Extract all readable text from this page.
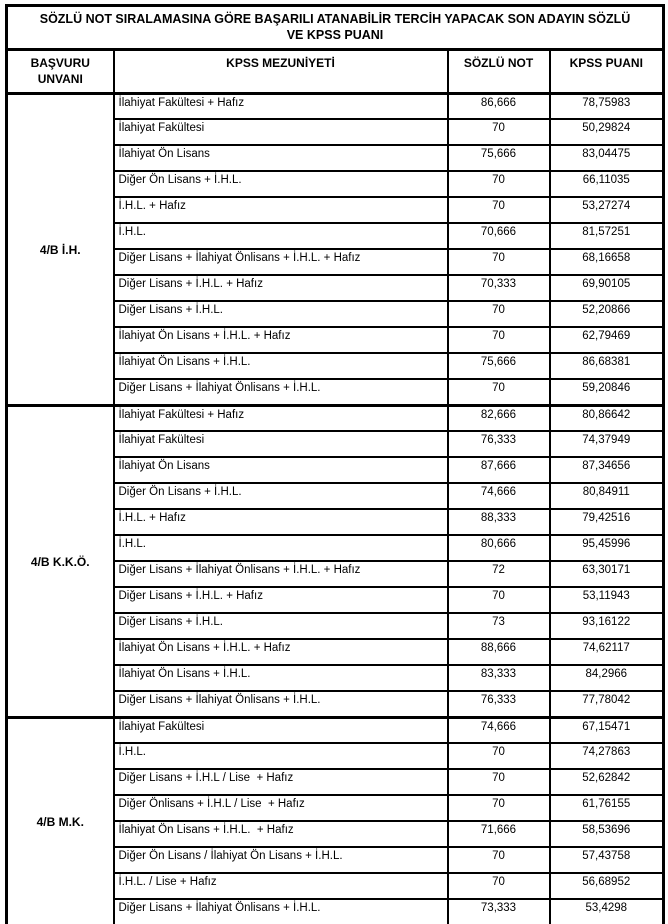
SÖZLÜ NOT SIRALAMASINA GÖRE BAŞARILI ATANABİLİR TERCİH YAPACAK SON ADAYIN SÖZLÜ VE KPSS PUANI			
BAŞVURU UNVANI	KPSS MEZUNİYETİ	SÖZLÜ NOT	KPSS PUANI
4/B İ.H.	İlahiyat Fakültesi + Hafız	86,666	78,75983
	İlahiyat Fakültesi	70	50,29824
	İlahiyat Ön Lisans	75,666	83,04475
	Diğer Ön Lisans + İ.H.L.	70	66,11035
	İ.H.L. + Hafız	70	53,27274
	İ.H.L.	70,666	81,57251
	Diğer Lisans + İlahiyat Önlisans + İ.H.L. + Hafız	70	68,16658
	Diğer Lisans + İ.H.L. + Hafız	70,333	69,90105
	Diğer Lisans + İ.H.L.	70	52,20866
	İlahiyat Ön Lisans + İ.H.L. + Hafız	70	62,79469
	İlahiyat Ön Lisans + İ.H.L.	75,666	86,68381
	Diğer Lisans + İlahiyat Önlisans + İ.H.L.	70	59,20846
4/B K.K.Ö.	İlahiyat Fakültesi + Hafız	82,666	80,86642
	İlahiyat Fakültesi	76,333	74,37949
	İlahiyat Ön Lisans	87,666	87,34656
	Diğer Ön Lisans + İ.H.L.	74,666	80,84911
	İ.H.L. + Hafız	88,333	79,42516
	İ.H.L.	80,666	95,45996
	Diğer Lisans + İlahiyat Önlisans + İ.H.L. + Hafız	72	63,30171
	Diğer Lisans + İ.H.L. + Hafız	70	53,11943
	Diğer Lisans + İ.H.L.	73	93,16122
	İlahiyat Ön Lisans + İ.H.L. + Hafız	88,666	74,62117
	İlahiyat Ön Lisans + İ.H.L.	83,333	84,2966
	Diğer Lisans + İlahiyat Önlisans + İ.H.L.	76,333	77,78042
4/B M.K.	İlahiyat Fakültesi	74,666	67,15471
	İ.H.L.	70	74,27863
	Diğer Lisans + İ.H.L / Lise  + Hafız	70	52,62842
	Diğer Önlisans + İ.H.L / Lise  + Hafız	70	61,76155
	İlahiyat Ön Lisans + İ.H.L.  + Hafız	71,666	58,53696
	Diğer Ön Lisans / İlahiyat Ön Lisans + İ.H.L.	70	57,43758
	İ.H.L. / Lise + Hafız	70	56,68952
	Diğer Lisans + İlahiyat Önlisans + İ.H.L.	73,333	53,4298
